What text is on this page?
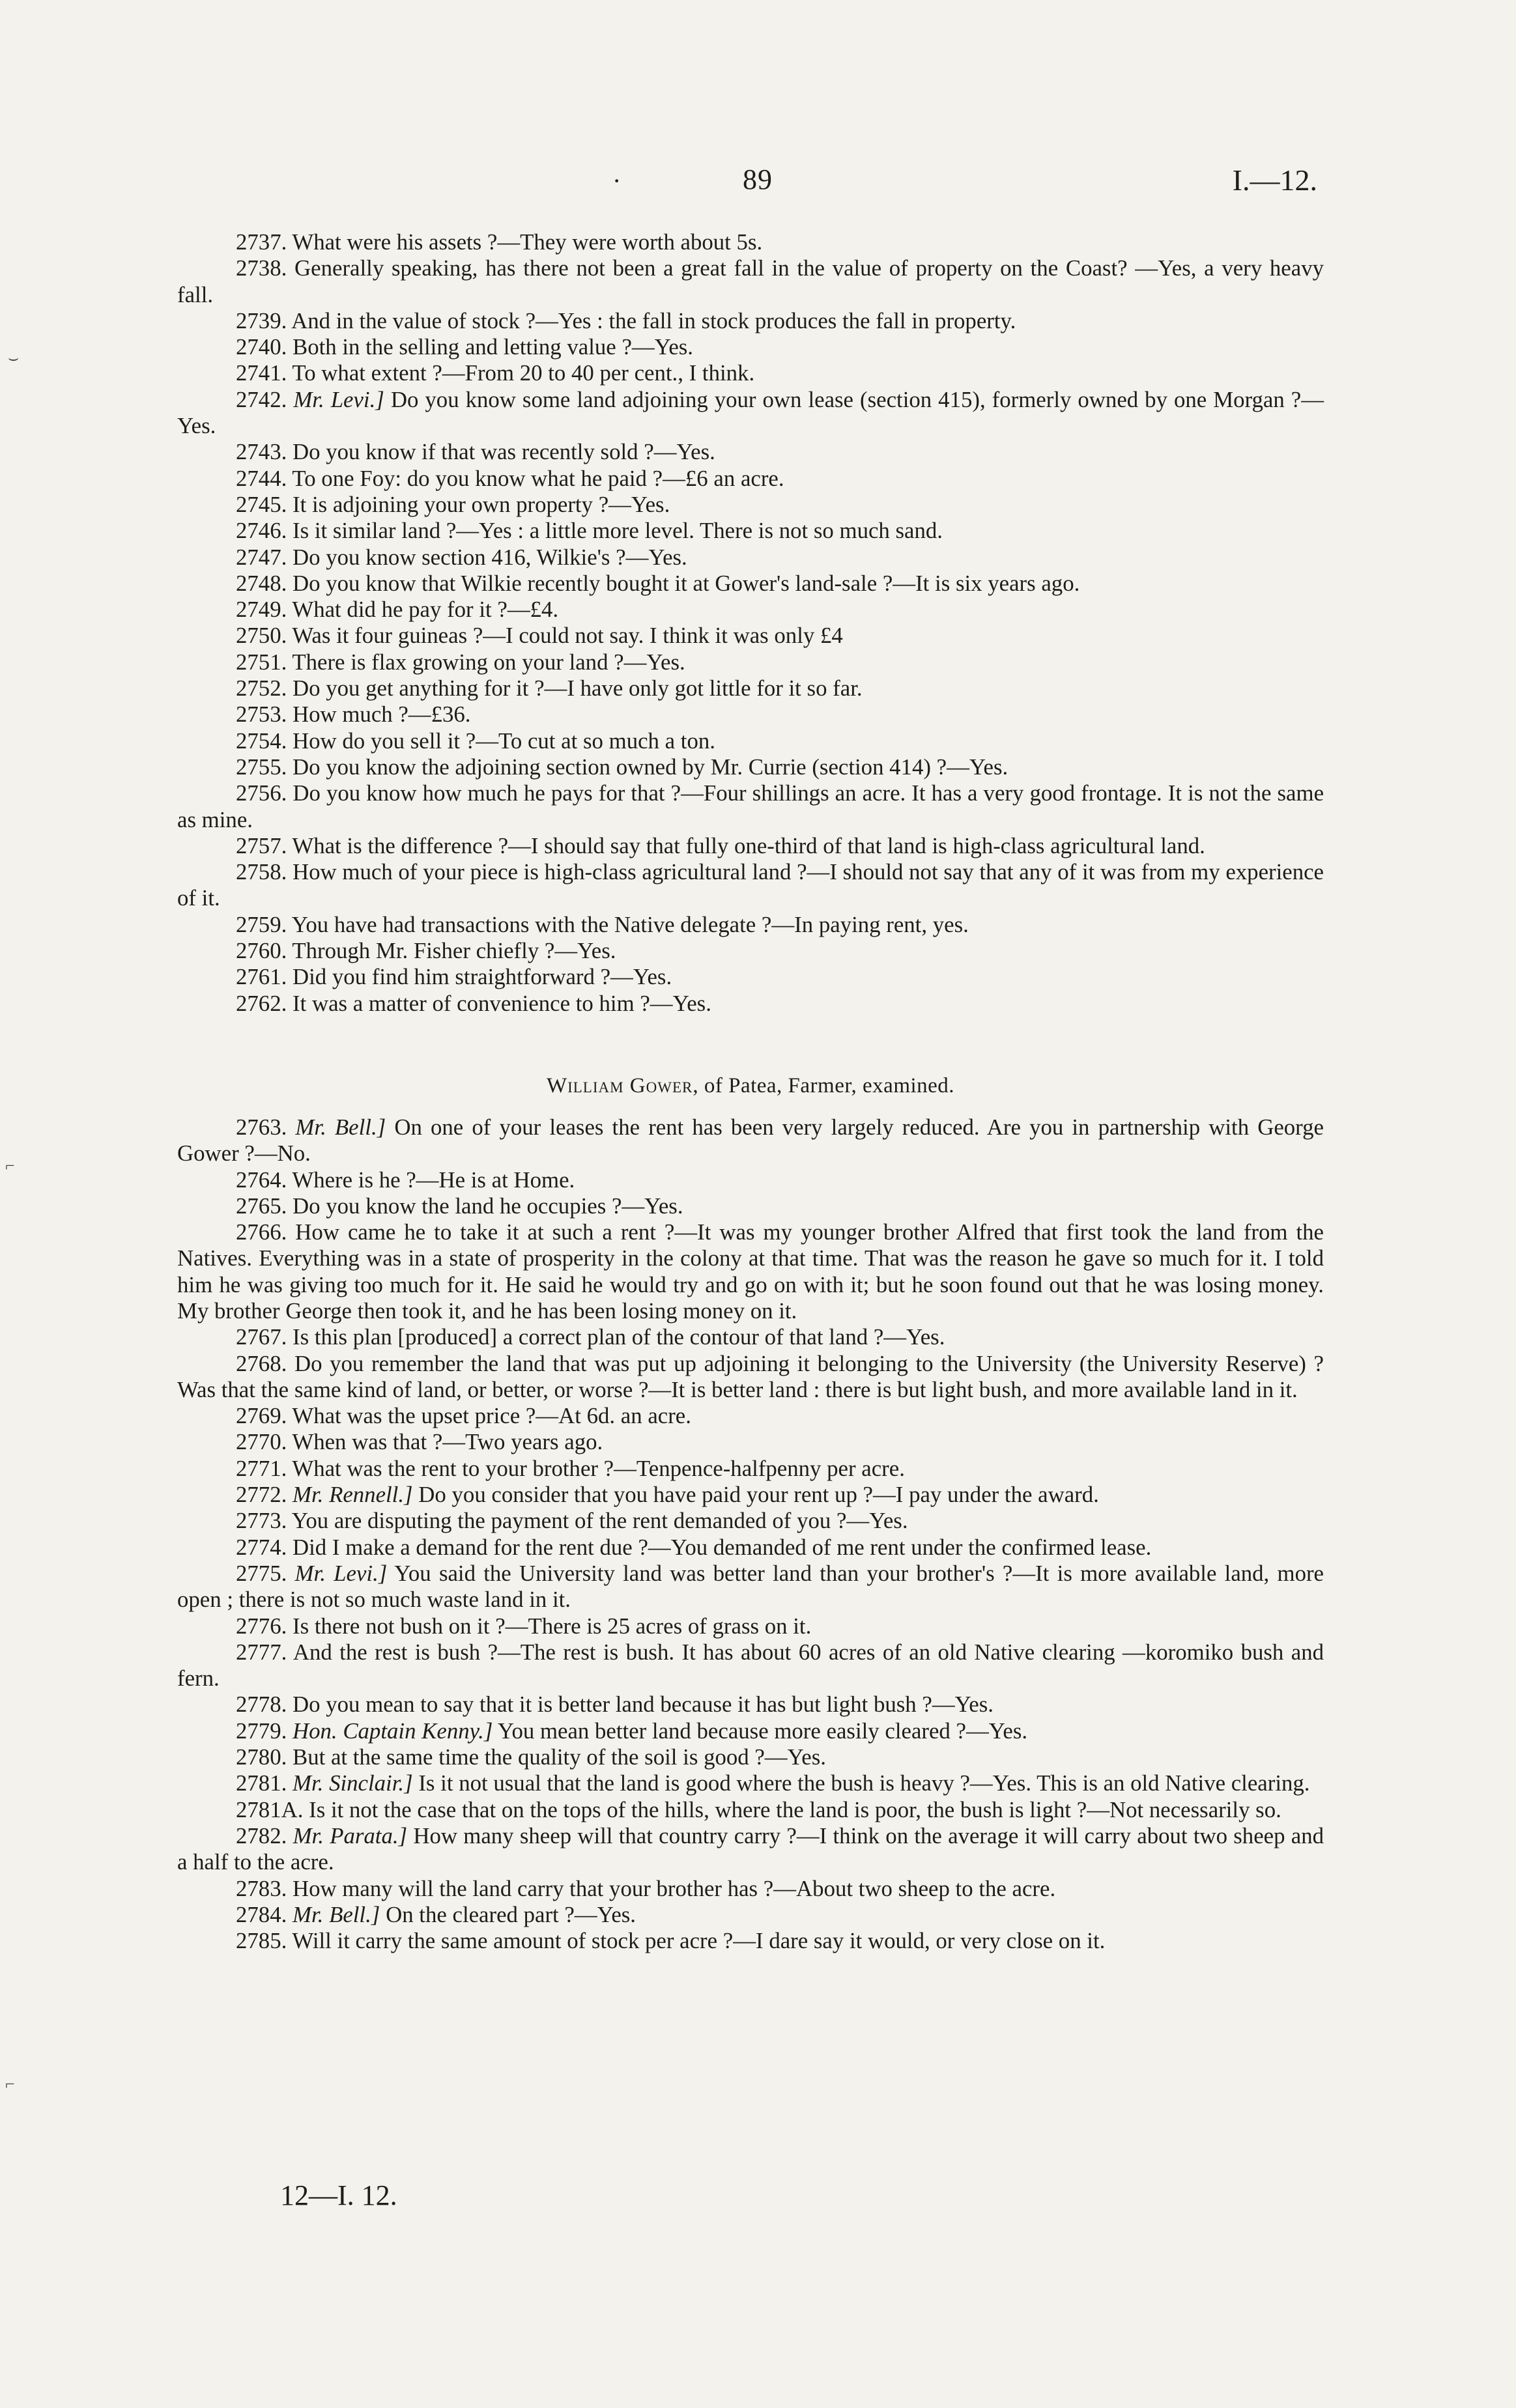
·	89	I.—12.
⌣
⌐
⌐

2737. What were his assets ?—They were worth about 5s.

2738. Generally speaking, has there not been a great fall in the value of property on the Coast? —Yes, a very heavy fall.

2739. And in the value of stock ?—Yes : the fall in stock produces the fall in property.

2740. Both in the selling and letting value ?—Yes.

2741. To what extent ?—From 20 to 40 per cent., I think.

2742. Mr. Levi.] Do you know some land adjoining your own lease (section 415), formerly owned by one Morgan ?—Yes.

2743. Do you know if that was recently sold ?—Yes.

2744. To one Foy: do you know what he paid ?—£6 an acre.

2745. It is adjoining your own property ?—Yes.

2746. Is it similar land ?—Yes : a little more level. There is not so much sand.

2747. Do you know section 416, Wilkie's ?—Yes.

2748. Do you know that Wilkie recently bought it at Gower's land-sale ?—It is six years ago.

2749. What did he pay for it ?—£4.

2750. Was it four guineas ?—I could not say. I think it was only £4

2751. There is flax growing on your land ?—Yes.

2752. Do you get anything for it ?—I have only got little for it so far.

2753. How much ?—£36.

2754. How do you sell it ?—To cut at so much a ton.

2755. Do you know the adjoining section owned by Mr. Currie (section 414) ?—Yes.

2756. Do you know how much he pays for that ?—Four shillings an acre. It has a very good frontage. It is not the same as mine.

2757. What is the difference ?—I should say that fully one-third of that land is high-class agricultural land.

2758. How much of your piece is high-class agricultural land ?—I should not say that any of it was from my experience of it.

2759. You have had transactions with the Native delegate ?—In paying rent, yes.

2760. Through Mr. Fisher chiefly ?—Yes.

2761. Did you find him straightforward ?—Yes.

2762. It was a matter of convenience to him ?—Yes.

William Gower, of Patea, Farmer, examined.

2763. Mr. Bell.] On one of your leases the rent has been very largely reduced. Are you in partnership with George Gower ?—No.

2764. Where is he ?—He is at Home.

2765. Do you know the land he occupies ?—Yes.

2766. How came he to take it at such a rent ?—It was my younger brother Alfred that first took the land from the Natives. Everything was in a state of prosperity in the colony at that time. That was the reason he gave so much for it. I told him he was giving too much for it. He said he would try and go on with it; but he soon found out that he was losing money. My brother George then took it, and he has been losing money on it.

2767. Is this plan [produced] a correct plan of the contour of that land ?—Yes.

2768. Do you remember the land that was put up adjoining it belonging to the University (the University Reserve) ? Was that the same kind of land, or better, or worse ?—It is better land : there is but light bush, and more available land in it.

2769. What was the upset price ?—At 6d. an acre.

2770. When was that ?—Two years ago.

2771. What was the rent to your brother ?—Tenpence-halfpenny per acre.

2772. Mr. Rennell.] Do you consider that you have paid your rent up ?—I pay under the award.

2773. You are disputing the payment of the rent demanded of you ?—Yes.

2774. Did I make a demand for the rent due ?—You demanded of me rent under the confirmed lease.

2775. Mr. Levi.] You said the University land was better land than your brother's ?—It is more available land, more open ; there is not so much waste land in it.

2776. Is there not bush on it ?—There is 25 acres of grass on it.

2777. And the rest is bush ?—The rest is bush. It has about 60 acres of an old Native clearing —koromiko bush and fern.

2778. Do you mean to say that it is better land because it has but light bush ?—Yes.

2779. Hon. Captain Kenny.] You mean better land because more easily cleared ?—Yes.

2780. But at the same time the quality of the soil is good ?—Yes.

2781. Mr. Sinclair.] Is it not usual that the land is good where the bush is heavy ?—Yes. This is an old Native clearing.

2781A. Is it not the case that on the tops of the hills, where the land is poor, the bush is light ?—Not necessarily so.

2782. Mr. Parata.] How many sheep will that country carry ?—I think on the average it will carry about two sheep and a half to the acre.

2783. How many will the land carry that your brother has ?—About two sheep to the acre.

2784. Mr. Bell.] On the cleared part ?—Yes.

2785. Will it carry the same amount of stock per acre ?—I dare say it would, or very close on it.

12—I. 12.
